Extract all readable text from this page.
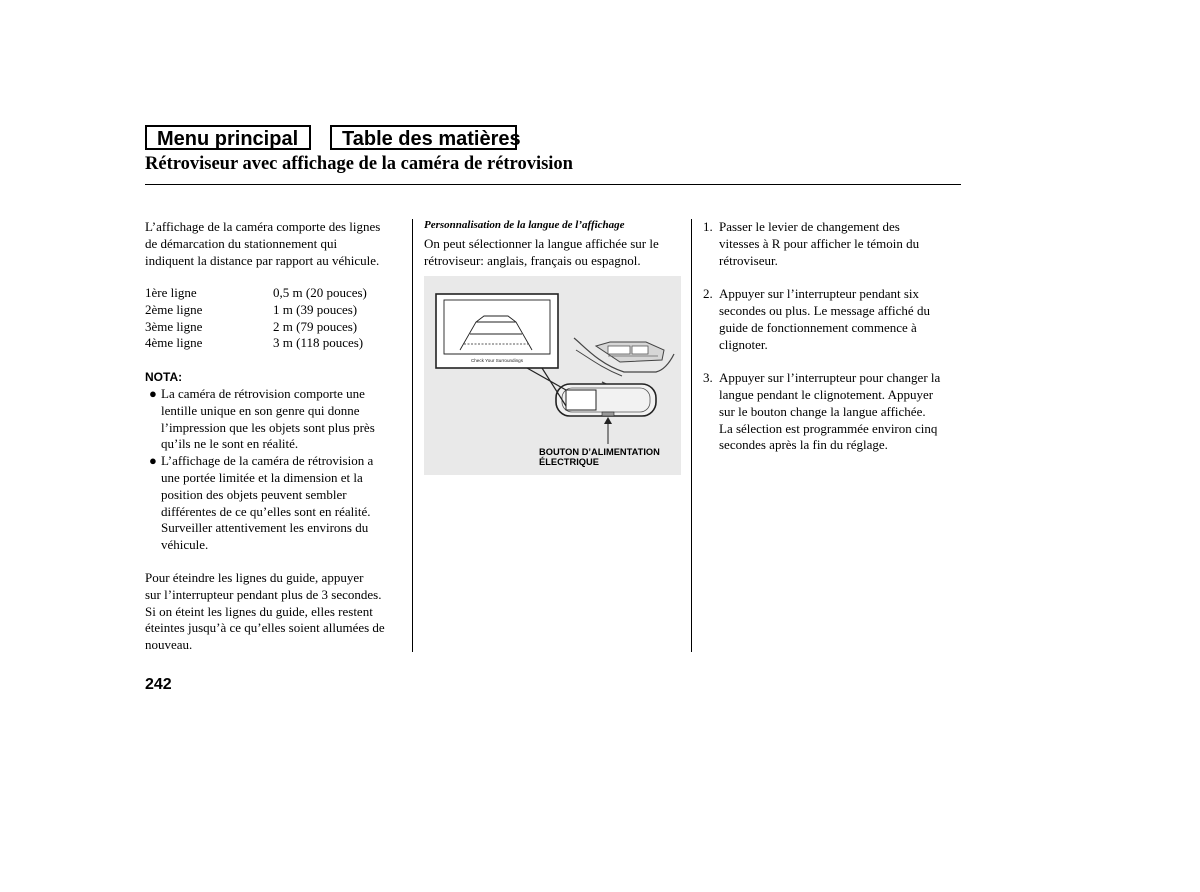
Menu principal	Table des matières
Rétroviseur avec affichage de la caméra de rétrovision

L’affichage de la caméra comporte des lignes

de démarcation du stationnement qui

indiquent la distance par rapport au véhicule.

1ère ligne	0,5 m (20 pouces)
2ème ligne	1 m (39 pouces)
3ème ligne	2 m (79 pouces)
4ème ligne	3 m (118 pouces)
NOTA:
● La caméra de rétrovision comporte une

lentille unique en son genre qui donne

l’impression que les objets sont plus près

qu’ils ne le sont en réalité.

● L’affichage de la caméra de rétrovision a

une portée limitée et la dimension et la

position des objets peuvent sembler

différentes de ce qu’elles sont en réalité.

Surveiller attentivement les environs du

véhicule.

Pour éteindre les lignes du guide, appuyer

sur l’interrupteur pendant plus de 3 secondes.

Si on éteint les lignes du guide, elles restent

éteintes jusqu’à ce qu’elles soient allumées de

nouveau.

Personnalisation de la langue de l’affichage

On peut sélectionner la langue affichée sur le

rétroviseur: anglais, français ou espagnol.

Check Your Surroundings
BOUTON D’ALIMENTATION
ÉLECTRIQUE
1. Passer le levier de changement des

vitesses à R pour afficher le témoin du

rétroviseur.

2. Appuyer sur l’interrupteur pendant six

secondes ou plus. Le message affiché du

guide de fonctionnement commence à

clignoter.

3. Appuyer sur l’interrupteur pour changer la

langue pendant le clignotement. Appuyer

sur le bouton change la langue affichée.

La sélection est programmée environ cinq

secondes après la fin du réglage.

242
